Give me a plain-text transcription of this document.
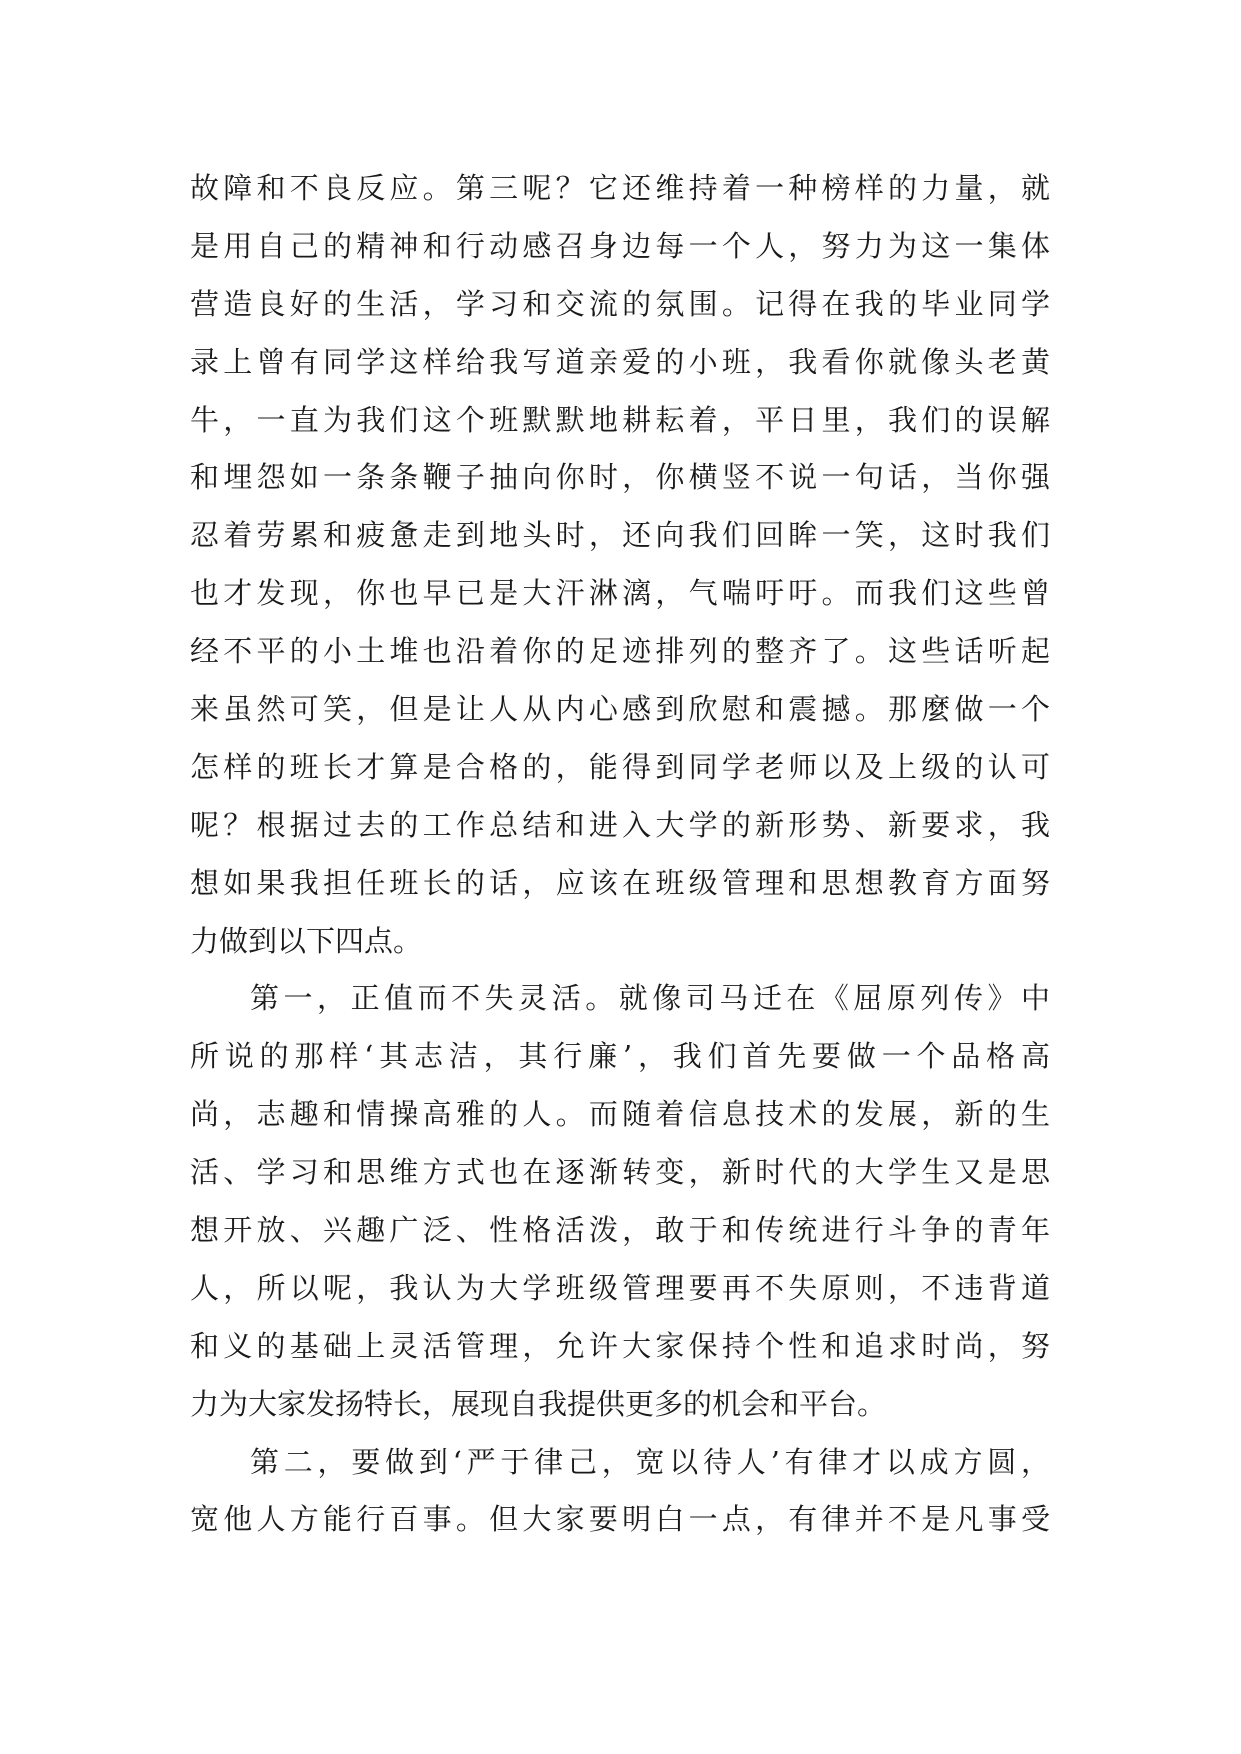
故障和不良反应。第三呢？它还维持着一种榜样的力量，就
是用自己的精神和行动感召身边每一个人，努力为这一集体
营造良好的生活，学习和交流的氛围。记得在我的毕业同学
录上曾有同学这样给我写道亲爱的小班，我看你就像头老黄
牛，一直为我们这个班默默地耕耘着，平日里，我们的误解
和埋怨如一条条鞭子抽向你时，你横竖不说一句话，当你强
忍着劳累和疲惫走到地头时，还向我们回眸一笑，这时我们
也才发现，你也早已是大汗淋漓，气喘吁吁。而我们这些曾
经不平的小土堆也沿着你的足迹排列的整齐了。这些话听起
来虽然可笑，但是让人从内心感到欣慰和震撼。那麼做一个
怎样的班长才算是合格的，能得到同学老师以及上级的认可
呢？根据过去的工作总结和进入大学的新形势、新要求，我
想如果我担任班长的话，应该在班级管理和思想教育方面努
力做到以下四点。
第一，正值而不失灵活。就像司马迁在《屈原列传》中
所说的那样‘其志洁，其行廉’，我们首先要做一个品格高
尚，志趣和情操高雅的人。而随着信息技术的发展，新的生
活、学习和思维方式也在逐渐转变，新时代的大学生又是思
想开放、兴趣广泛、性格活泼，敢于和传统进行斗争的青年
人，所以呢，我认为大学班级管理要再不失原则，不违背道
和义的基础上灵活管理，允许大家保持个性和追求时尚，努
力为大家发扬特长，展现自我提供更多的机会和平台。
第二，要做到‘严于律己，宽以待人’有律才以成方圆，
宽他人方能行百事。但大家要明白一点，有律并不是凡事受
